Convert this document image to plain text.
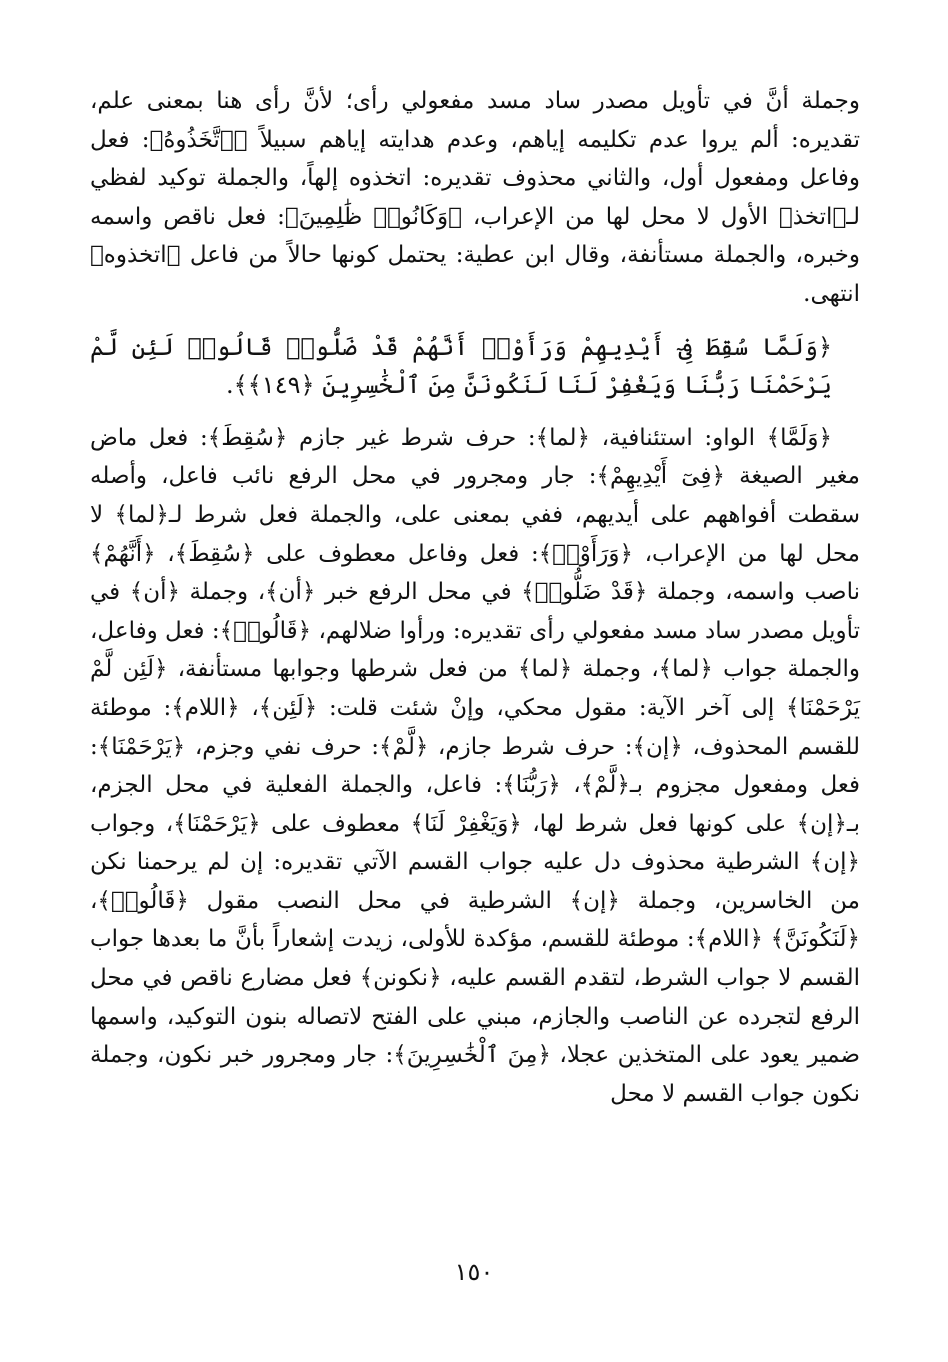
وجملة أنَّ في تأويل مصدر ساد مسد مفعولي رأى؛ لأنَّ رأى هنا بمعنى علم، تقديره: ألم يروا عدم تكليمه إياهم، وعدم هدايته إياهم سبيلاً ﴿ٱتَّخَذُوهُ﴾: فعل وفاعل ومفعول أول، والثاني محذوف تقديره: اتخذوه إلهاً، والجملة توكيد لفظي لـ﴿اتخذ﴾ الأول لا محل لها من الإعراب، ﴿وَكَانُوا۟ ظَٰلِمِينَ﴾: فعل ناقص واسمه وخبره، والجملة مستأنفة، وقال ابن عطية: يحتمل كونها حالاً من فاعل ﴿اتخذوه﴾ انتهى.

﴿وَلَمَّا سُقِطَ فِىٓ أَيْدِيهِمْ وَرَأَوْا۟ أَنَّهُمْ قَدْ ضَلُّوا۟ قَالُوا۟ لَئِن لَّمْ يَرْحَمْنَا رَبُّنَا وَيَغْفِرْ لَنَا لَنَكُونَنَّ مِنَ ٱلْخَٰسِرِينَ ﴿١٤٩﴾﴾.

﴿وَلَمَّا﴾ الواو: استئنافية، ﴿لما﴾: حرف شرط غير جازم ﴿سُقِطَ﴾: فعل ماض مغير الصيغة ﴿فِىٓ أَيْدِيهِمْ﴾: جار ومجرور في محل الرفع نائب فاعل، وأصله سقطت أفواههم على أيديهم، ففي بمعنى على، والجملة فعل شرط لـ﴿لما﴾ لا محل لها من الإعراب، ﴿وَرَأَوْا۟﴾: فعل وفاعل معطوف على ﴿سُقِطَ﴾، ﴿أَنَّهُمْ﴾ ناصب واسمه، وجملة ﴿قَدْ ضَلُّوا۟﴾ في محل الرفع خبر ﴿أن﴾، وجملة ﴿أن﴾ في تأويل مصدر ساد مسد مفعولي رأى تقديره: ورأوا ضلالهم، ﴿قَالُوا۟﴾: فعل وفاعل، والجملة جواب ﴿لما﴾، وجملة ﴿لما﴾ من فعل شرطها وجوابها مستأنفة، ﴿لَئِن لَّمْ يَرْحَمْنَا﴾ إلى آخر الآية: مقول محكي، وإنْ شئت قلت: ﴿لَئِن﴾، ﴿اللام﴾: موطئة للقسم المحذوف، ﴿إن﴾: حرف شرط جازم، ﴿لَّمْ﴾: حرف نفي وجزم، ﴿يَرْحَمْنَا﴾: فعل ومفعول مجزوم بـ﴿لَّمْ﴾، ﴿رَبُّنَا﴾: فاعل، والجملة الفعلية في محل الجزم، بـ﴿إن﴾ على كونها فعل شرط لها، ﴿وَيَغْفِرْ لَنَا﴾ معطوف على ﴿يَرْحَمْنَا﴾، وجواب ﴿إن﴾ الشرطية محذوف دل عليه جواب القسم الآتي تقديره: إن لم يرحمنا نكن من الخاسرين، وجملة ﴿إن﴾ الشرطية في محل النصب مقول ﴿قَالُوا۟﴾، ﴿لَنَكُونَنَّ﴾ ﴿اللام﴾: موطئة للقسم، مؤكدة للأولى، زيدت إشعاراً بأنَّ ما بعدها جواب القسم لا جواب الشرط، لتقدم القسم عليه، ﴿نكونن﴾ فعل مضارع ناقص في محل الرفع لتجرده عن الناصب والجازم، مبني على الفتح لاتصاله بنون التوكيد، واسمها ضمير يعود على المتخذين عجلا، ﴿مِنَ ٱلْخَٰسِرِينَ﴾: جار ومجرور خبر نكون، وجملة نكون جواب القسم لا محل

١٥٠
